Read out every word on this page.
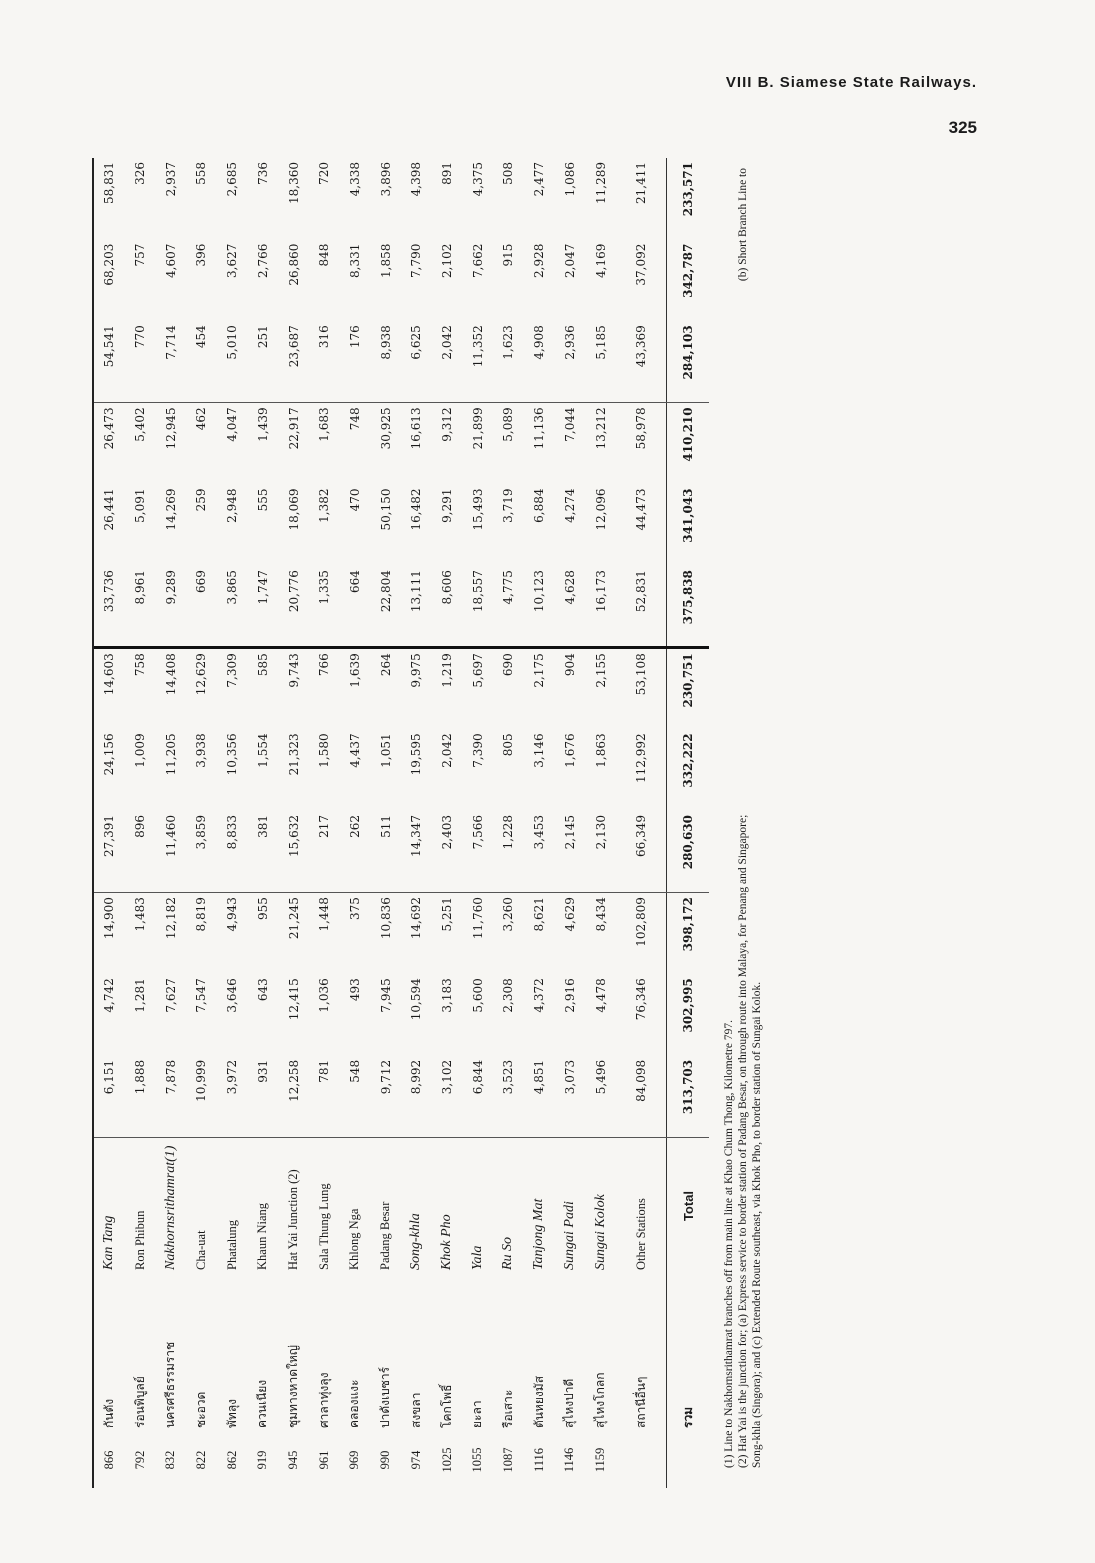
VIII B. Siamese State Railways.
325
866	กันตัง	Kan Tang	6,151	4,742	14,900	27,391	24,156	14,603	33,736	26,441	26,473	54,541	68,203	58,831
792	ร่อนพิบูลย์	Ron Phibun	1,888	1,281	1,483	896	1,009	758	8,961	5,091	5,402	770	757	326
832	นครศรีธรรมราช	Nakhornsrithamrat(1)	7,878	7,627	12,182	11,460	11,205	14,408	9,289	14,269	12,945	7,714	4,607	2,937
822	ชะอวด	Cha-uat	10,999	7,547	8,819	3,859	3,938	12,629	669	259	462	454	396	558
862	พัทลุง	Phatalung	3,972	3,646	4,943	8,833	10,356	7,309	3,865	2,948	4,047	5,010	3,627	2,685
919	ควนเนียง	Khaun Niang	931	643	955	381	1,554	585	1,747	555	1,439	251	2,766	736
945	ชุมทางหาดใหญ่	Hat Yai Junction (2)	12,258	12,415	21,245	15,632	21,323	9,743	20,776	18,069	22,917	23,687	26,860	18,360
961	ศาลาทุ่งลุง	Sala Thung Lung	781	1,036	1,448	217	1,580	766	1,335	1,382	1,683	316	848	720
969	คลองแงะ	Khlong Nga	548	493	375	262	4,437	1,639	664	470	748	176	8,331	4,338
990	ปาดังเบซาร์	Padang Besar	9,712	7,945	10,836	511	1,051	264	22,804	50,150	30,925	8,938	1,858	3,896
974	สงขลา	Song-khla	8,992	10,594	14,692	14,347	19,595	9,975	13,111	16,482	16,613	6,625	7,790	4,398
1025	โคกโพธิ์	Khok Pho	3,102	3,183	5,251	2,403	2,042	1,219	8,606	9,291	9,312	2,042	2,102	891
1055	ยะลา	Yala	6,844	5,600	11,760	7,566	7,390	5,697	18,557	15,493	21,899	11,352	7,662	4,375
1087	รือเสาะ	Ru So	3,523	2,308	3,260	1,228	805	690	4,775	3,719	5,089	1,623	915	508
1116	ตันหยงมัส	Tanjong Mat	4,851	4,372	8,621	3,453	3,146	2,175	10,123	6,884	11,136	4,908	2,928	2,477
1146	สุไหงปาดี	Sungai Padi	3,073	2,916	4,629	2,145	1,676	904	4,628	4,274	7,044	2,936	2,047	1,086
1159	สุไหงโกลก	Sungai Kolok	5,496	4,478	8,434	2,130	1,863	2,155	16,173	12,096	13,212	5,185	4,169	11,289
	สถานีอื่นๆ	Other Stations	84,098	76,346	102,809	66,349	112,992	53,108	52,831	44,473	58,978	43,369	37,092	21,411
	รวม	Total	313,703	302,995	398,172	280,630	332,222	230,751	375,838	341,043	410,210	284,103	342,787	233,571
(1) Line to Nakhornsrithamrat branches off from main line at Khao Chum Thong, Kilometre 797. (2) Hat Yai is the junction for; (a) Express service to border station of Padang Besar, on through route into Malaya, for Penang and Singapore;
(b) Short Branch Line to
Song-khla (Singora); and (c) Extended Route southeast, via Khok Pho, to border station of Sungai Kolok.
